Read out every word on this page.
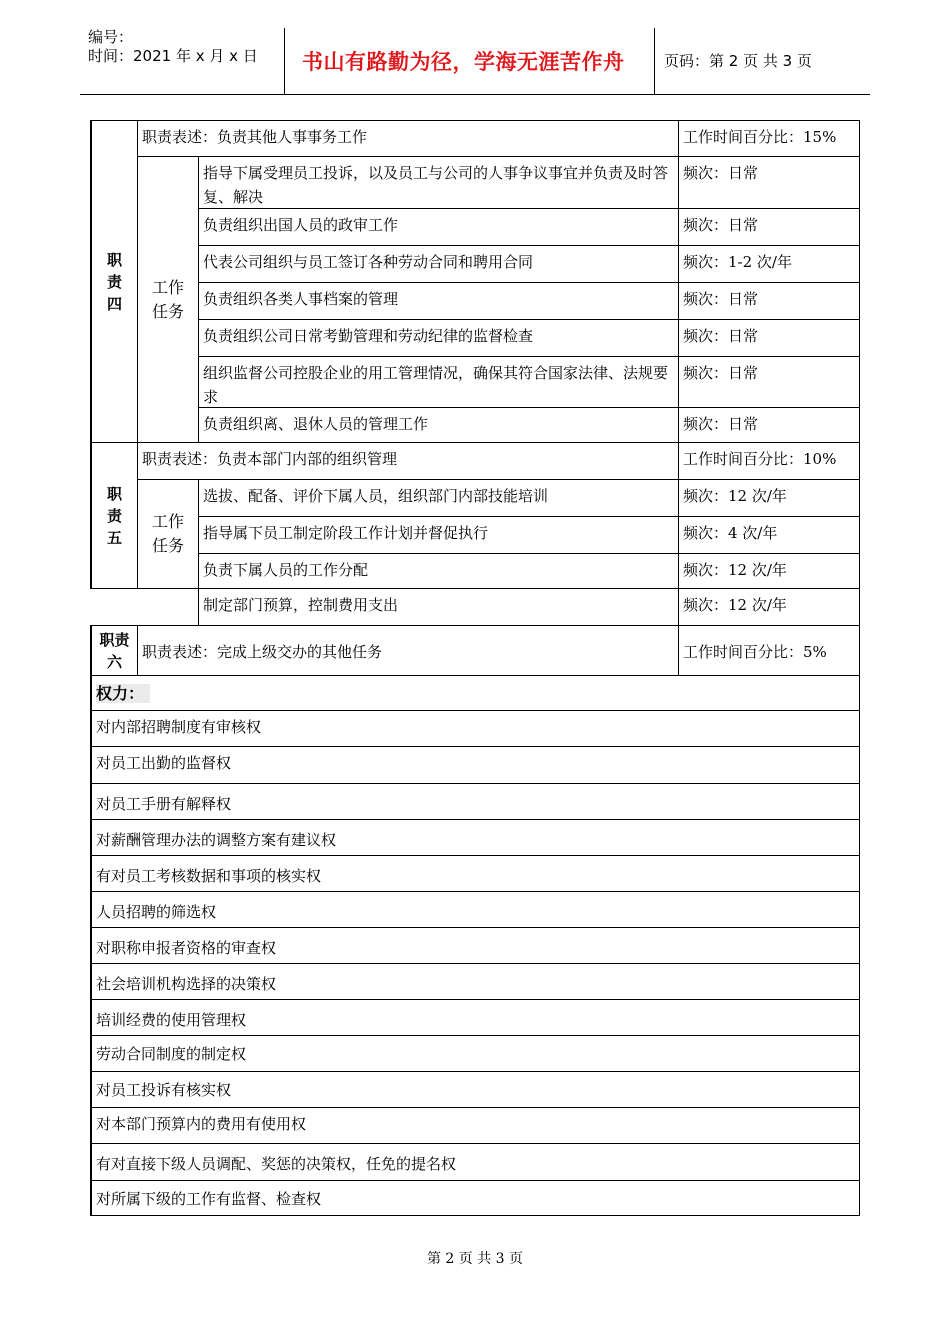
编号：
时间：2021 年 x 月 x 日 书山有路勤为径，学海无涯苦作舟	页码：第 2 页 共 3 页
职
责
四
职责表述：负责其他人事事务工作	工作时间百分比：15%
工作
任务
指导下属受理员工投诉，以及员工与公司的人事争议事宜并负责及时答复、解决
频次：日常
负责组织出国人员的政审工作	频次：日常
代表公司组织与员工签订各种劳动合同和聘用合同	频次：1-2 次/年
负责组织各类人事档案的管理	频次：日常
负责组织公司日常考勤管理和劳动纪律的监督检查	频次：日常
组织监督公司控股企业的用工管理情况，确保其符合国家法律、法规要求
频次：日常
负责组织离、退休人员的管理工作	频次：日常
职
责
五
职责表述：负责本部门内部的组织管理	工作时间百分比：10%
工作
任务
选拔、配备、评价下属人员，组织部门内部技能培训	频次：12 次/年
指导属下员工制定阶段工作计划并督促执行	频次：4 次/年
负责下属人员的工作分配	频次：12 次/年
制定部门预算，控制费用支出	频次：12 次/年
职责
六
职责表述：完成上级交办的其他任务	工作时间百分比：5%
权力：
对内部招聘制度有审核权
对员工出勤的监督权
对员工手册有解释权
对薪酬管理办法的调整方案有建议权
有对员工考核数据和事项的核实权
人员招聘的筛选权
对职称申报者资格的审查权
社会培训机构选择的决策权
培训经费的使用管理权
劳动合同制度的制定权
对员工投诉有核实权
对本部门预算内的费用有使用权
有对直接下级人员调配、奖惩的决策权，任免的提名权
对所属下级的工作有监督、检查权
第 2 页 共 3 页
